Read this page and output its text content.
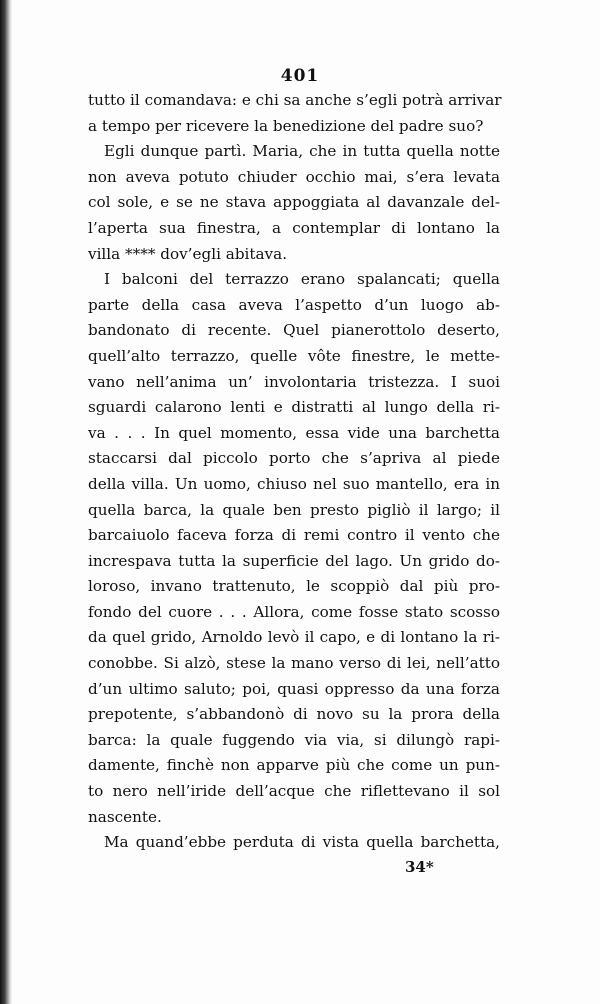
401

tutto il comandava: e chi sa anche s’egli potrà arrivar
a tempo per ricevere la benedizione del padre suo?

Egli dunque partì. Maria, che in tutta quella notte
non aveva potuto chiuder occhio mai, s’era levata
col sole, e se ne stava appoggiata al davanzale del-
l’aperta sua finestra, a contemplar di lontano la
villa **** dov’egli abitava.

I balconi del terrazzo erano spalancati; quella
parte della casa aveva l’aspetto d’un luogo ab-
bandonato di recente. Quel pianerottolo deserto,
quell’alto terrazzo, quelle vôte finestre, le mette-
vano nell’anima un’ involontaria tristezza. I suoi
sguardi calarono lenti e distratti al lungo della ri-
va . . . In quel momento, essa vide una barchetta
staccarsi dal piccolo porto che s’apriva al piede
della villa. Un uomo, chiuso nel suo mantello, era in
quella barca, la quale ben presto pigliò il largo; il
barcaiuolo faceva forza di remi contro il vento che
increspava tutta la superficie del lago. Un grido do-
loroso, invano trattenuto, le scoppiò dal più pro-
fondo del cuore . . . Allora, come fosse stato scosso
da quel grido, Arnoldo levò il capo, e di lontano la ri-
conobbe. Si alzò, stese la mano verso di lei, nell’atto
d’un ultimo saluto; poi, quasi oppresso da una forza
prepotente, s’abbandonò di novo su la prora della
barca: la quale fuggendo via via, si dilungò rapi-
damente, finchè non apparve più che come un pun-
to nero nell’iride dell’acque che riflettevano il sol
nascente.

Ma quand’ebbe perduta di vista quella barchetta,

34*
